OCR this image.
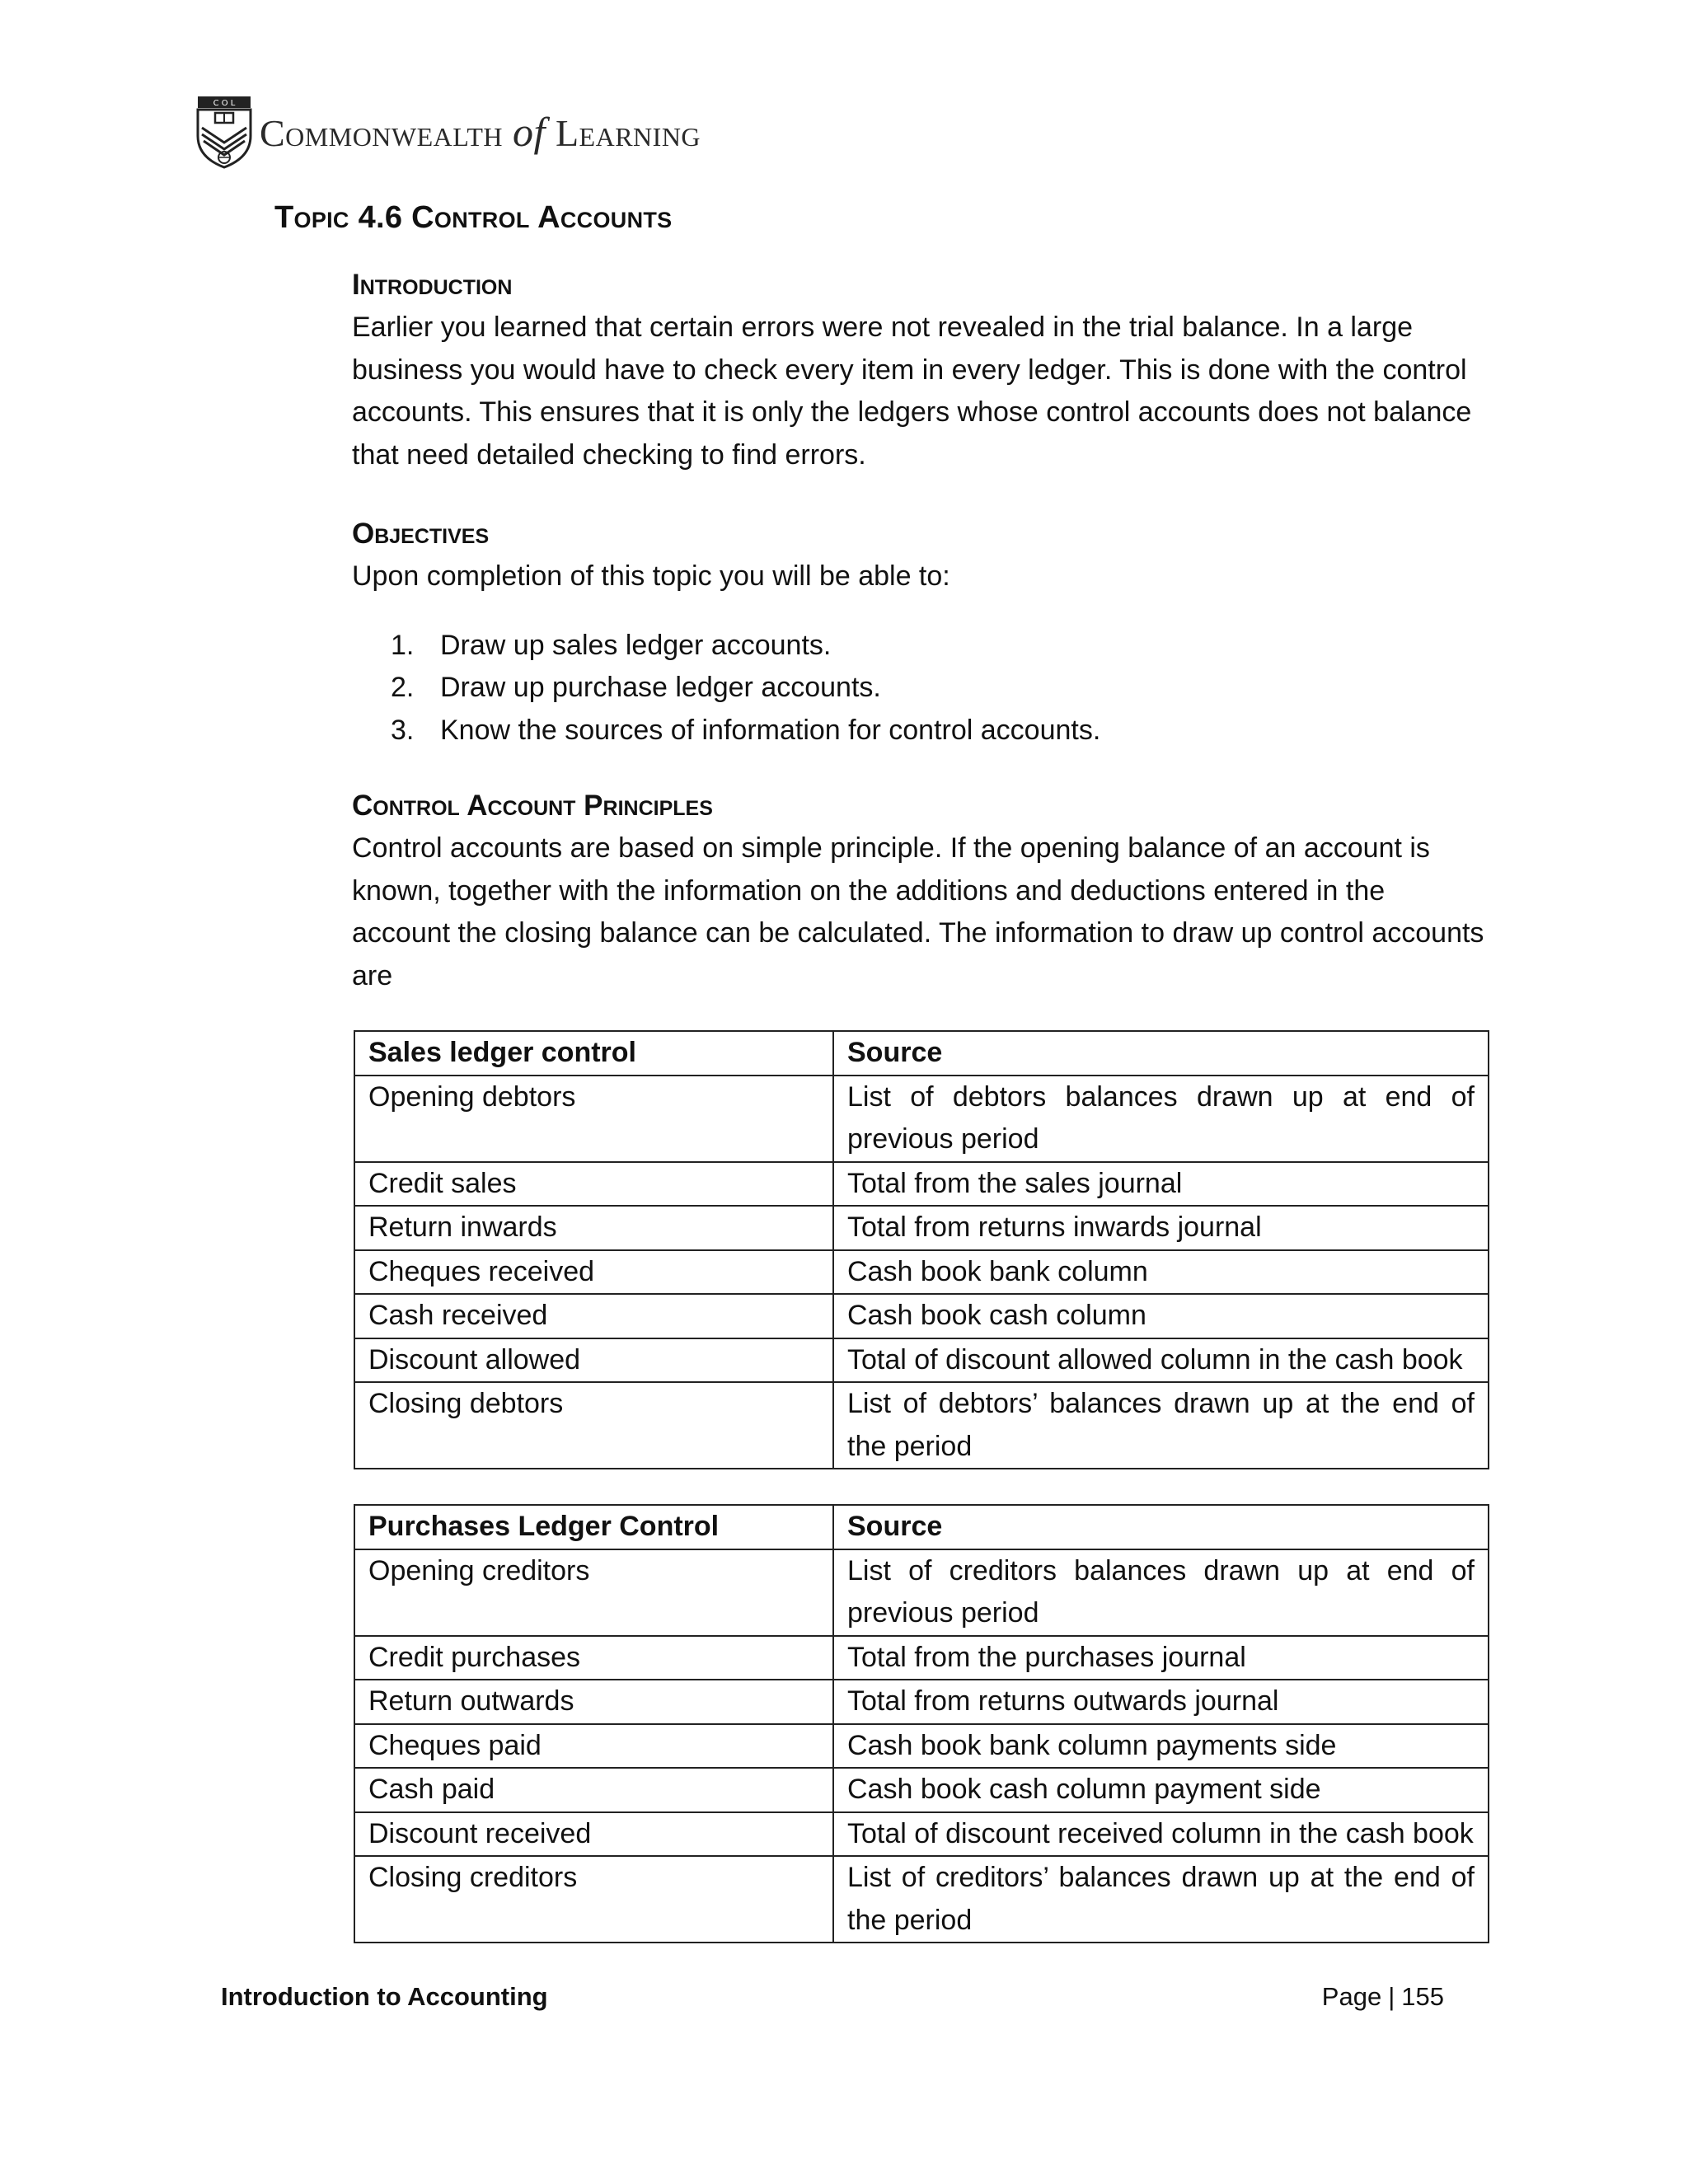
C O L
Commonwealth of Learning
Topic 4.6 Control Accounts
Introduction

Earlier you learned that certain errors were not revealed in the trial balance. In a large business you would have to check every item in every ledger. This is done with the control accounts. This ensures that it is only the ledgers whose control accounts does not balance that need detailed checking to find errors.

Objectives

Upon completion of this topic you will be able to:

1. Draw up sales ledger accounts.
2. Draw up purchase ledger accounts.
3. Know the sources of information for control accounts.
Control Account Principles

Control accounts are based on simple principle. If the opening balance of an account is known, together with the information on the additions and deductions entered in the account the closing balance can be calculated. The information to draw up control accounts are

Sales ledger control	Source
Opening debtors	List of debtors balances drawn up at end of previous period
Credit sales	Total from the sales journal
Return inwards	Total from returns inwards journal
Cheques received	Cash book bank column
Cash received	Cash book cash column
Discount allowed	Total of discount allowed column in the cash book
Closing debtors	List of debtors’ balances drawn up at the end of the period
Purchases Ledger Control	Source
Opening creditors	List of creditors balances drawn up at end of previous period
Credit purchases	Total from the purchases journal
Return outwards	Total from returns outwards journal
Cheques paid	Cash book bank column payments side
Cash paid	Cash book cash column payment side
Discount received	Total of discount received column in the cash book
Closing creditors	List of creditors’ balances drawn up at the end of the period
Introduction to Accounting	Page | 155
